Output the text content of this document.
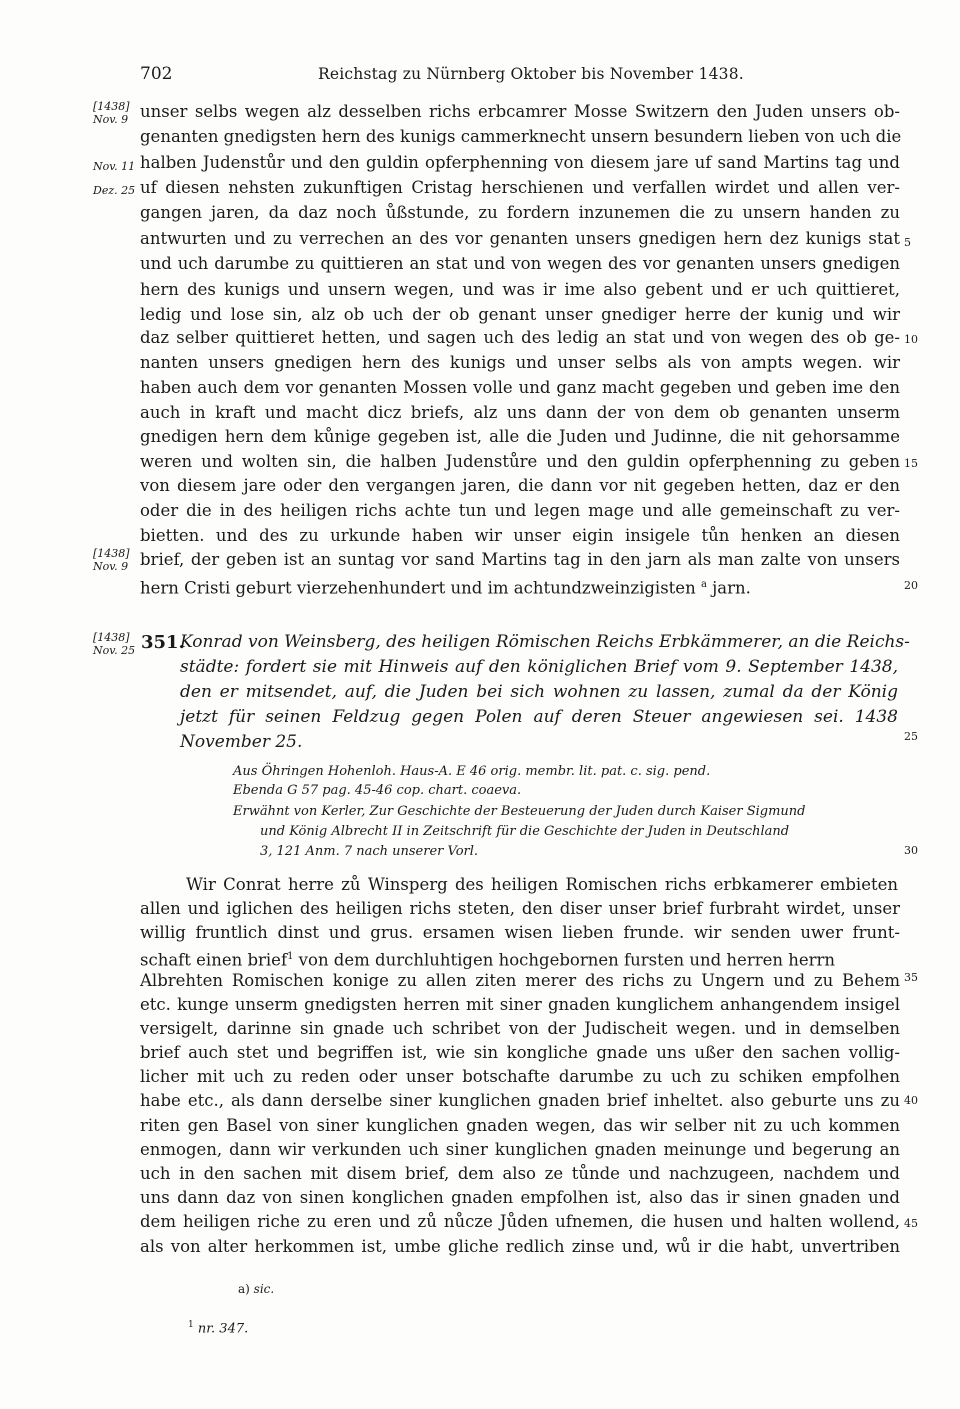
702	Reichstag zu Nürnberg Oktober bis November 1438.
[1438]
Nov. 9
Nov. 11
Dez. 25
[1438]
Nov. 9
[1438]
Nov. 25
5
10
15
20
25
30
35
40
45
unser selbs wegen alz desselben richs erbcamrer Mosse Switzern den Juden unsers ob-
genanten gnedigsten hern des kunigs cammerknecht unsern besundern lieben von uch die
halben Judenstůr und den guldin opferphenning von diesem jare uf sand Martins tag und
uf diesen nehsten zukunftigen Cristag herschienen und verfallen wirdet und allen ver-
gangen jaren, da daz noch ůßstunde, zu fordern inzunemen die zu unsern handen zu
antwurten und zu verrechen an des vor genanten unsers gnedigen hern dez kunigs stat
und uch darumbe zu quittieren an stat und von wegen des vor genanten unsers gnedigen
hern des kunigs und unsern wegen, und was ir ime also gebent und er uch quittieret,
ledig und lose sin, alz ob uch der ob genant unser gnediger herre der kunig und wir
daz selber quittieret hetten, und sagen uch des ledig an stat und von wegen des ob ge-
nanten unsers gnedigen hern des kunigs und unser selbs als von ampts wegen. wir
haben auch dem vor genanten Mossen volle und ganz macht gegeben und geben ime den
auch in kraft und macht dicz briefs, alz uns dann der von dem ob genanten unserm
gnedigen hern dem kůnige gegeben ist, alle die Juden und Judinne, die nit gehorsamme
weren und wolten sin, die halben Judenstůre und den guldin opferphenning zu geben
von diesem jare oder den vergangen jaren, die dann vor nit gegeben hetten, daz er den
oder die in des heiligen richs achte tun und legen mage und alle gemeinschaft zu ver-
bietten. und des zu urkunde haben wir unser eigin insigele tůn henken an diesen
brief, der geben ist an suntag vor sand Martins tag in den jarn als man zalte von unsers
hern Cristi geburt vierzehenhundert und im achtundzweinzigisten $^a$ jarn.
351.
Konrad von Weinsberg, des heiligen Römischen Reichs Erbkämmerer, an die Reichs-
städte: fordert sie mit Hinweis auf den königlichen Brief vom 9. September 1438,
den er mitsendet, auf, die Juden bei sich wohnen zu lassen, zumal da der König
jetzt für seinen Feldzug gegen Polen auf deren Steuer angewiesen sei. 1438
November 25.
Aus Öhringen Hohenloh. Haus-A. E 46 orig. membr. lit. pat. c. sig. pend.
Ebenda G 57 pag. 45-46 cop. chart. coaeva.
Erwähnt von Kerler, Zur Geschichte der Besteuerung der Juden durch Kaiser Sigmund
und König Albrecht II in Zeitschrift für die Geschichte der Juden in Deutschland
3, 121 Anm. 7 nach unserer Vorl.
Wir Conrat herre zů Winsperg des heiligen Romischen richs erbkamerer embieten
allen und iglichen des heiligen richs steten, den diser unser brief furbraht wirdet, unser
willig fruntlich dinst und grus. ersamen wisen lieben frunde. wir senden uwer frunt-
schaft einen brief$^1$ von dem durchluhtigen hochgebornen fursten und herren herrn
Albrehten Romischen konige zu allen ziten merer des richs zu Ungern und zu Behem
etc. kunge unserm gnedigsten herren mit siner gnaden kunglichem anhangendem insigel
versigelt, darinne sin gnade uch schribet von der Judischeit wegen. und in demselben
brief auch stet und begriffen ist, wie sin kongliche gnade uns ußer den sachen vollig-
licher mit uch zu reden oder unser botschafte darumbe zu uch zu schiken empfolhen
habe etc., als dann derselbe siner kunglichen gnaden brief inheltet. also geburte uns zu
riten gen Basel von siner kunglichen gnaden wegen, das wir selber nit zu uch kommen
enmogen, dann wir verkunden uch siner kunglichen gnaden meinunge und begerung an
uch in den sachen mit disem brief, dem also ze tůnde und nachzugeen, nachdem und
uns dann daz von sinen konglichen gnaden empfolhen ist, also das ir sinen gnaden und
dem heiligen riche zu eren und zů nůcze Jůden ufnemen, die husen und halten wollend,
als von alter herkommen ist, umbe gliche redlich zinse und, wů ir die habt, unvertriben
a) sic.
$^1$ nr. 347.
